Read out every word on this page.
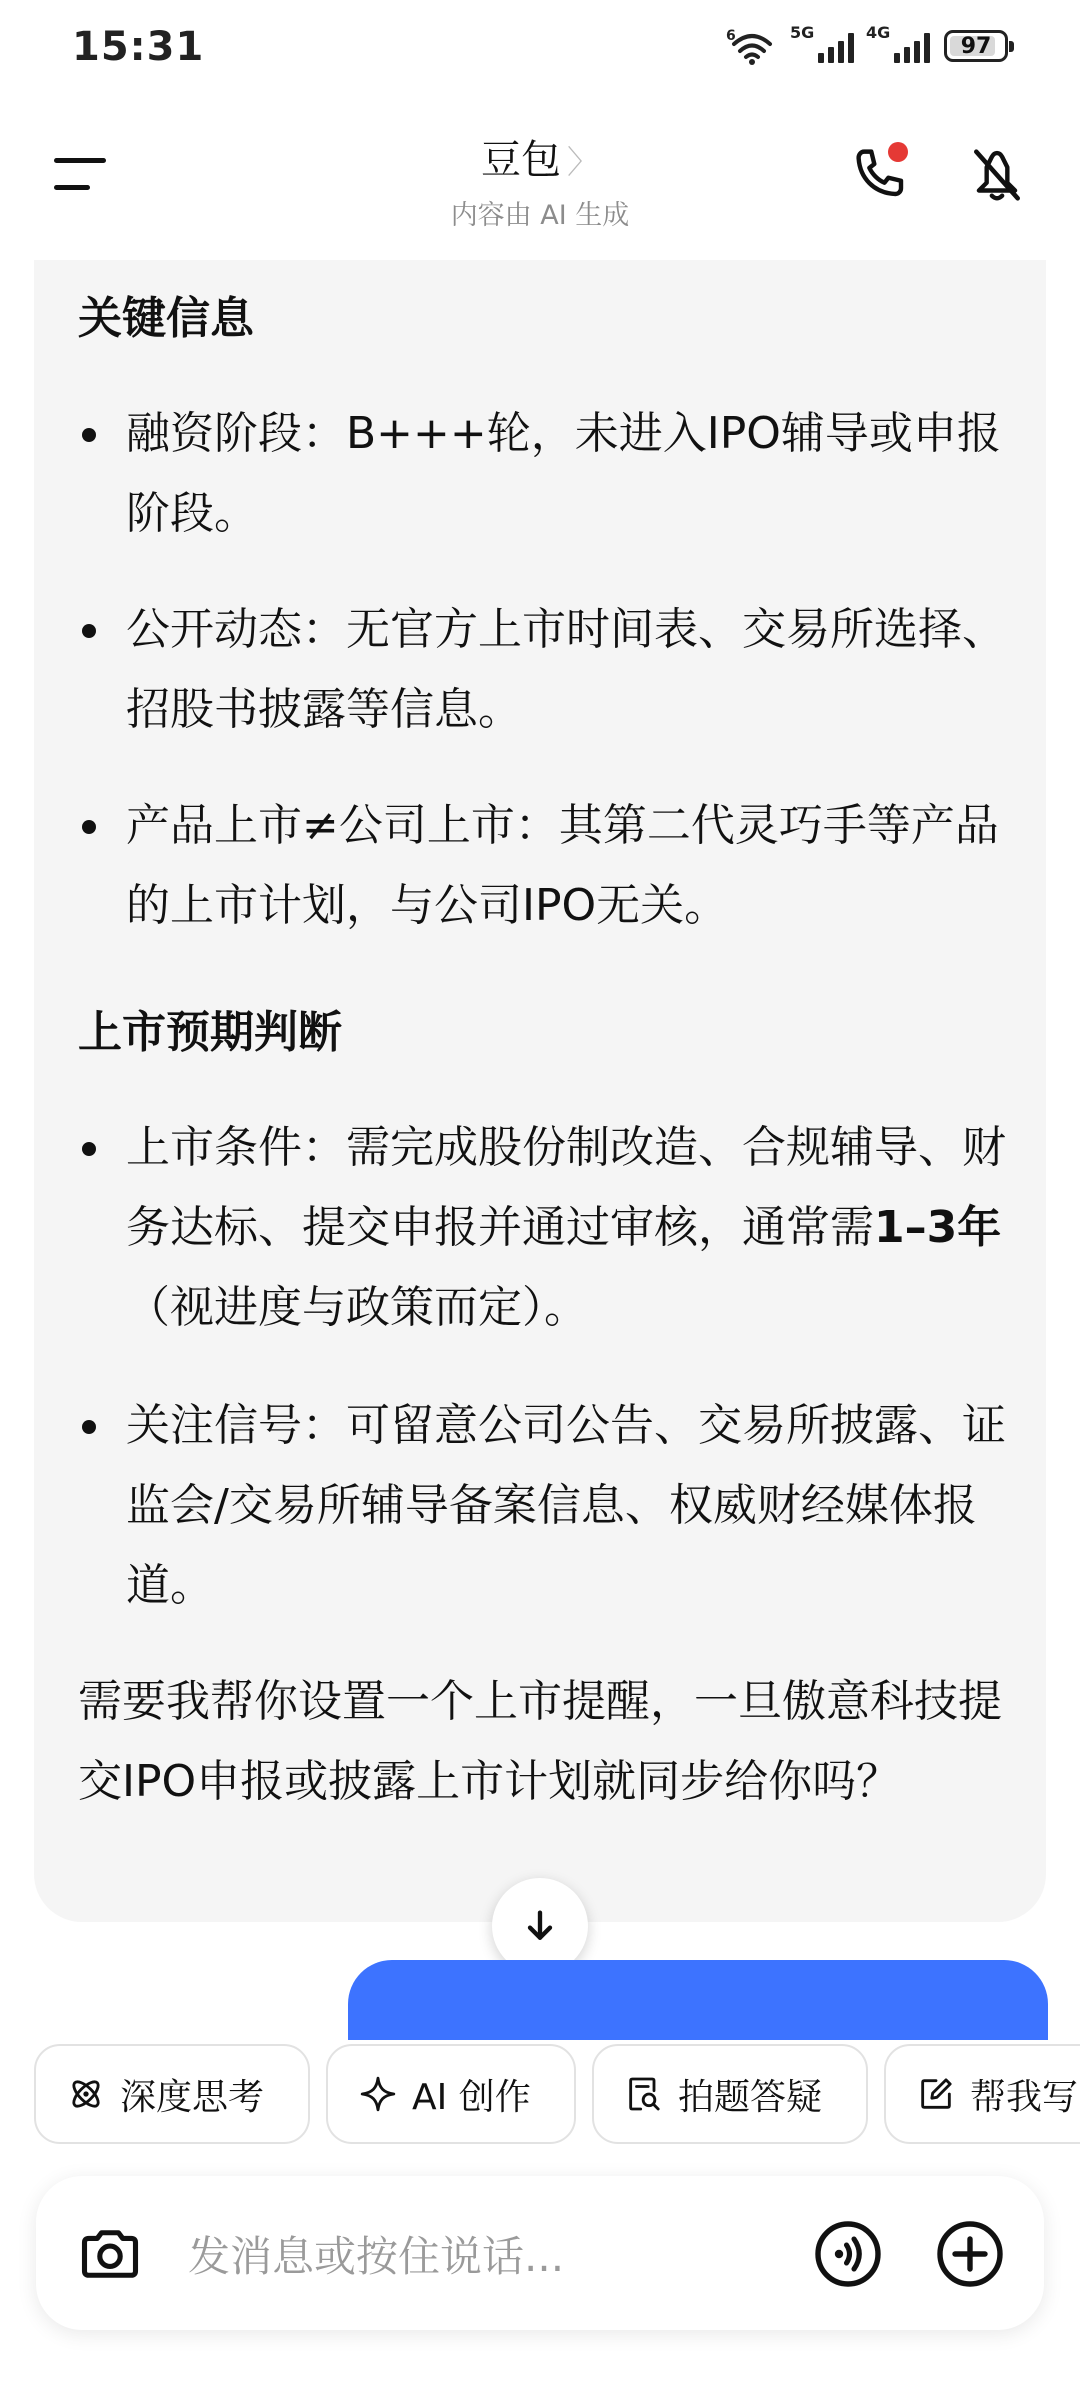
15:31	6	5G	4G
97
豆包 〉
内容由 AI 生成
关键信息
融资阶段：B+++轮，未进入IPO辅导或申报阶段。
公开动态：无官方上市时间表、交易所选择、招股书披露等信息。
产品上市≠公司上市：其第二代灵巧手等产品的上市计划，与公司IPO无关。
上市预期判断
上市条件：需完成股份制改造、合规辅导、财务达标、提交申报并通过审核，通常需1–3年（视进度与政策而定）。
关注信号：可留意公司公告、交易所披露、证监会/交易所辅导备案信息、权威财经媒体报道。
需要我帮你设置一个上市提醒，一旦傲意科技提交IPO申报或披露上市计划就同步给你吗？
深度思考	AI 创作	拍题答疑	帮我写
发消息或按住说话...
